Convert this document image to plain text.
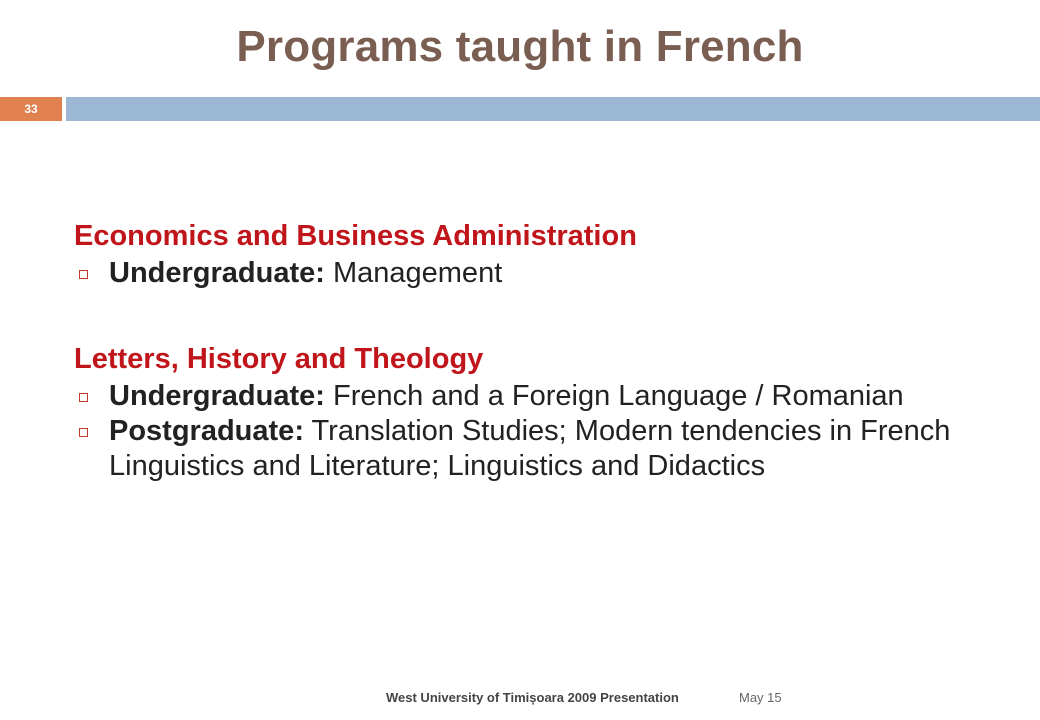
Programs taught in French
33
Economics and Business Administration
Undergraduate: Management
Letters, History and Theology
Undergraduate: French and a Foreign Language / Romanian
Postgraduate: Translation Studies; Modern tendencies in French Linguistics and Literature; Linguistics and Didactics
West University of Timișoara 2009 Presentation	May 15
